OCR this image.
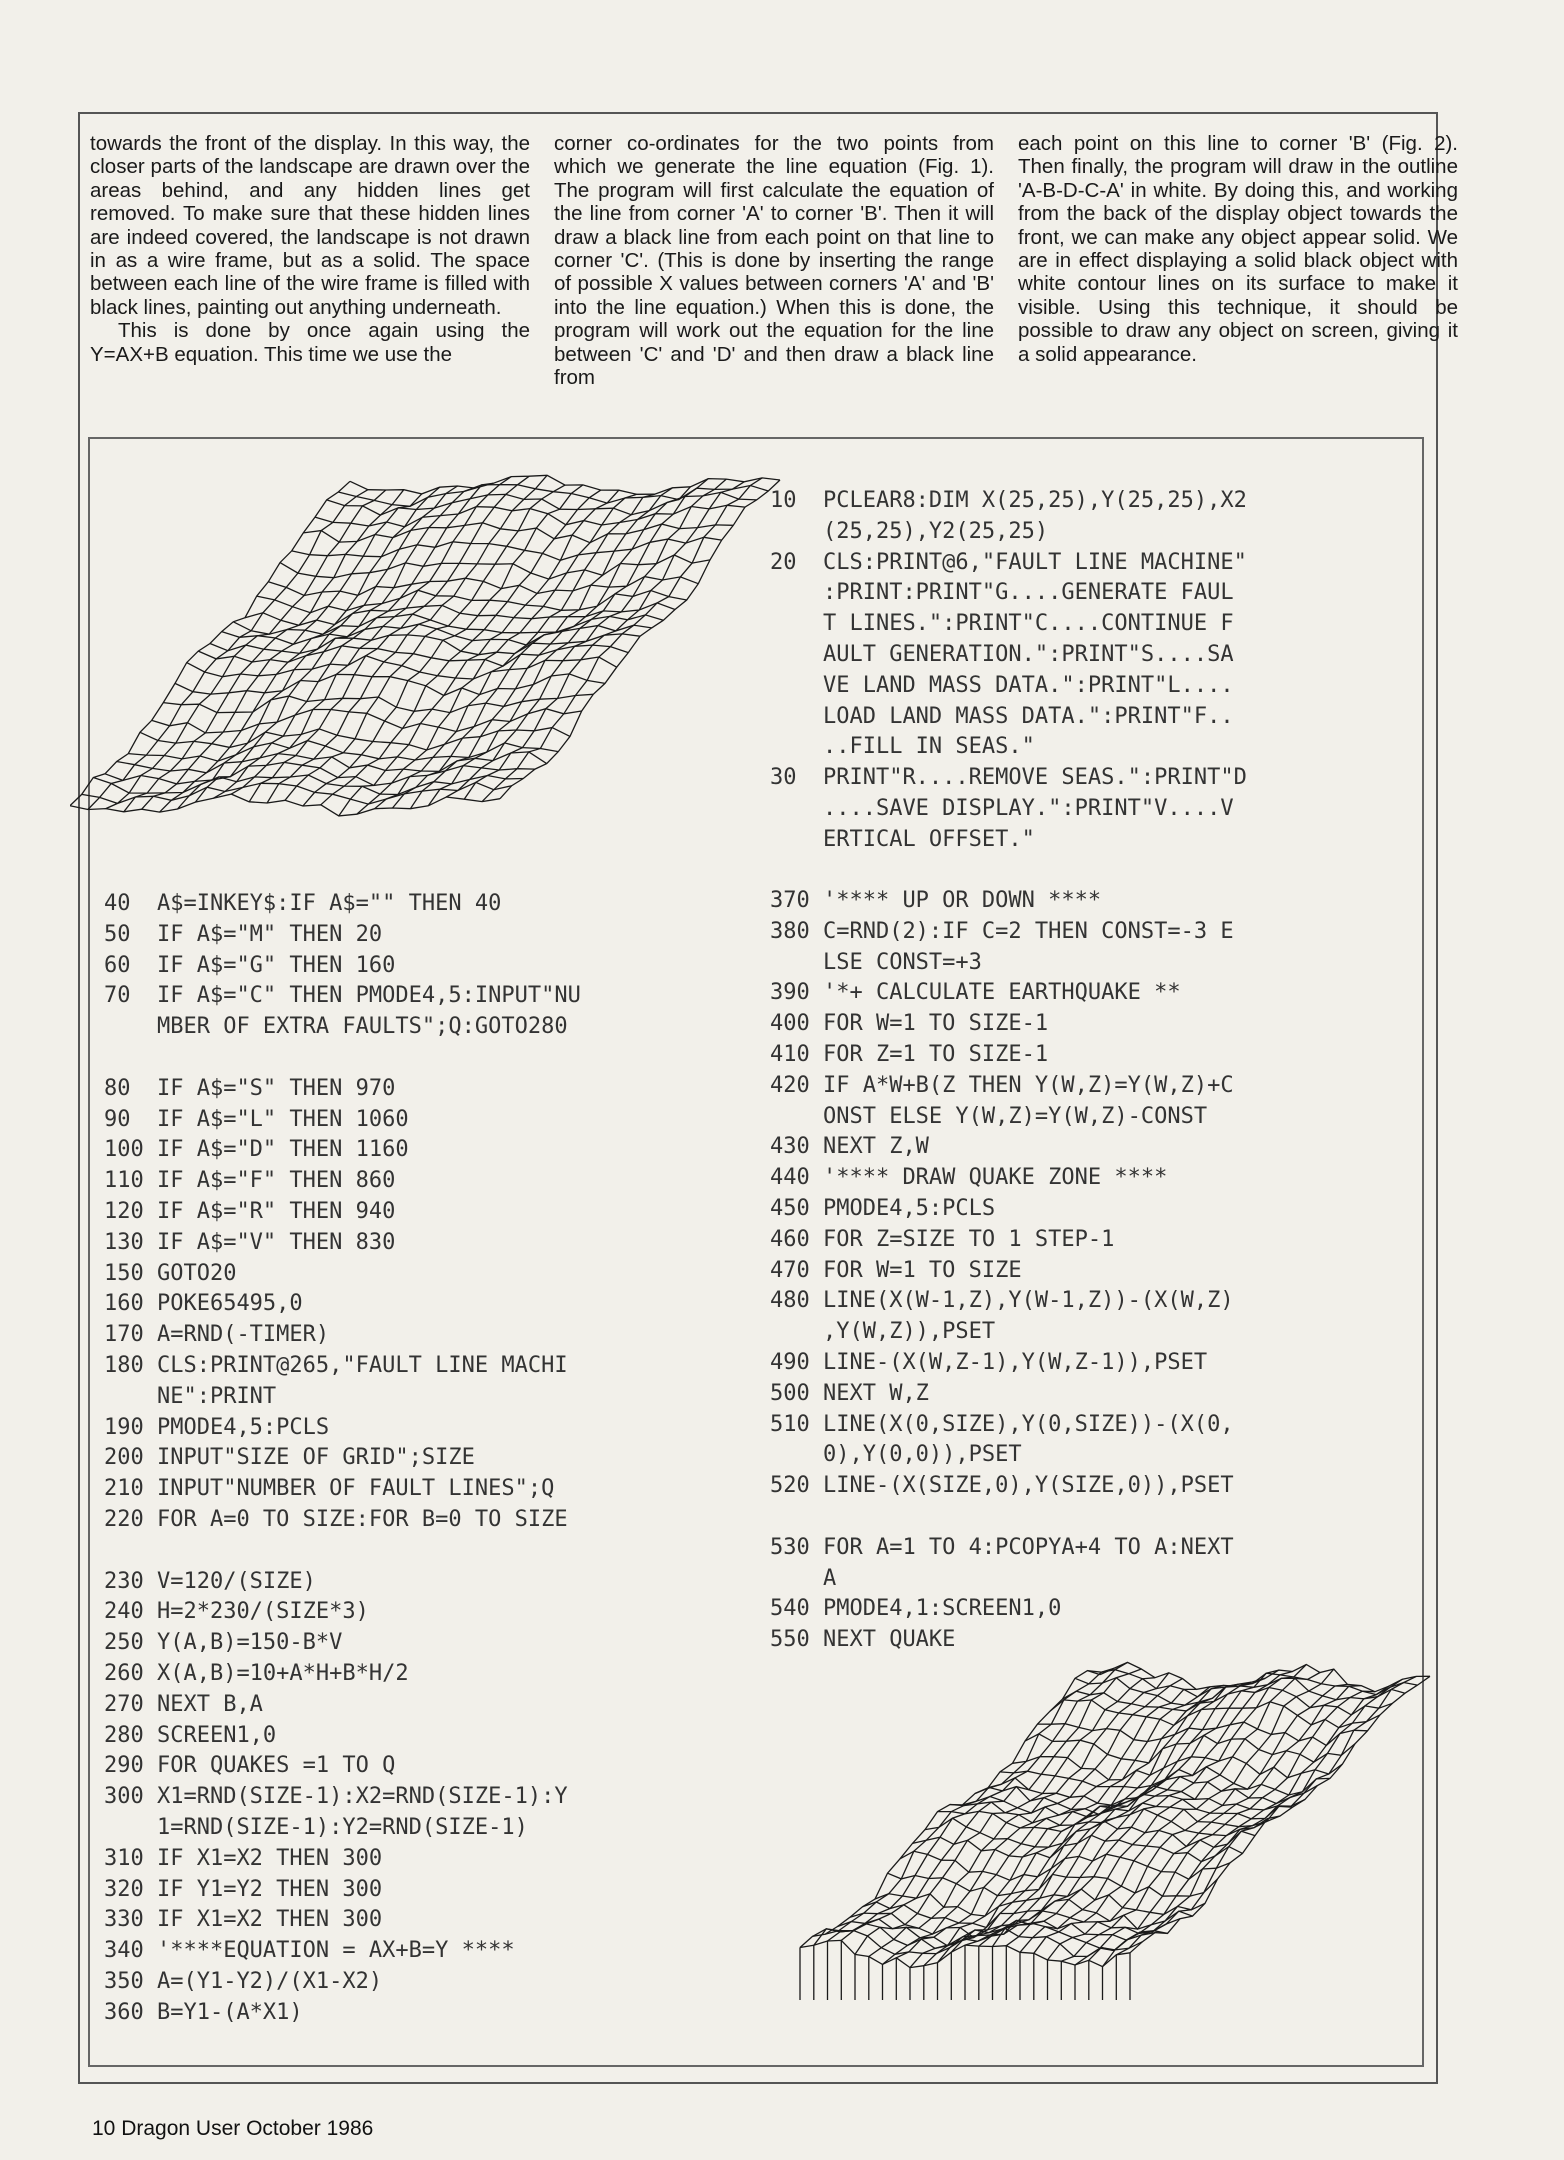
towards the front of the display. In this way, the closer parts of the landscape are drawn over the areas behind, and any hidden lines get removed. To make sure that these hidden lines are indeed covered, the landscape is not drawn in as a wire frame, but as a solid. The space between each line of the wire frame is filled with black lines, painting out anything underneath.

This is done by once again using the Y=AX+B equation. This time we use the

corner co-ordinates for the two points from which we generate the line equation (Fig. 1). The program will first calculate the equation of the line from corner 'A' to corner 'B'. Then it will draw a black line from each point on that line to corner 'C'. (This is done by inserting the range of possible X values between corners 'A' and 'B' into the line equation.) When this is done, the program will work out the equation for the line between 'C' and 'D' and then draw a black line from

each point on this line to corner 'B' (Fig. 2). Then finally, the program will draw in the outline 'A-B-D-C-A' in white. By doing this, and working from the back of the display object towards the front, we can make any object appear solid. We are in effect displaying a solid black object with white contour lines on its surface to make it visible. Using this technique, it should be possible to draw any object on screen, giving it a solid appearance.

10 PCLEAR8:DIM X(25,25),Y(25,25),X2
(25,25),Y2(25,25)
20 CLS:PRINT@6,"FAULT LINE MACHINE"
:PRINT:PRINT"G....GENERATE FAUL
T LINES.":PRINT"C....CONTINUE F
AULT GENERATION.":PRINT"S....SA
VE LAND MASS DATA.":PRINT"L....
LOAD LAND MASS DATA.":PRINT"F..
..FILL IN SEAS."
30 PRINT"R....REMOVE SEAS.":PRINT"D
....SAVE DISPLAY.":PRINT"V....V
ERTICAL OFFSET."
40 A$=INKEY$:IF A$="" THEN 40
50 IF A$="M" THEN 20
60 IF A$="G" THEN 160
70 IF A$="C" THEN PMODE4,5:INPUT"NU
MBER OF EXTRA FAULTS";Q:GOTO280
80 IF A$="S" THEN 970
90 IF A$="L" THEN 1060
100 IF A$="D" THEN 1160
110 IF A$="F" THEN 860
120 IF A$="R" THEN 940
130 IF A$="V" THEN 830
150 GOTO20
160 POKE65495,0
170 A=RND(-TIMER)
180 CLS:PRINT@265,"FAULT LINE MACHI
NE":PRINT
190 PMODE4,5:PCLS
200 INPUT"SIZE OF GRID";SIZE
210 INPUT"NUMBER OF FAULT LINES";Q
220 FOR A=0 TO SIZE:FOR B=0 TO SIZE
230 V=120/(SIZE)
240 H=2*230/(SIZE*3)
250 Y(A,B)=150-B*V
260 X(A,B)=10+A*H+B*H/2
270 NEXT B,A
280 SCREEN1,0
290 FOR QUAKES =1 TO Q
300 X1=RND(SIZE-1):X2=RND(SIZE-1):Y
1=RND(SIZE-1):Y2=RND(SIZE-1)
310 IF X1=X2 THEN 300
320 IF Y1=Y2 THEN 300
330 IF X1=X2 THEN 300
340 '****EQUATION = AX+B=Y ****
350 A=(Y1-Y2)/(X1-X2)
360 B=Y1-(A*X1)
370 '**** UP OR DOWN ****
380 C=RND(2):IF C=2 THEN CONST=-3 E
LSE CONST=+3
390 '*+ CALCULATE EARTHQUAKE **
400 FOR W=1 TO SIZE-1
410 FOR Z=1 TO SIZE-1
420 IF A*W+B(Z THEN Y(W,Z)=Y(W,Z)+C
ONST ELSE Y(W,Z)=Y(W,Z)-CONST
430 NEXT Z,W
440 '**** DRAW QUAKE ZONE ****
450 PMODE4,5:PCLS
460 FOR Z=SIZE TO 1 STEP-1
470 FOR W=1 TO SIZE
480 LINE(X(W-1,Z),Y(W-1,Z))-(X(W,Z)
,Y(W,Z)),PSET
490 LINE-(X(W,Z-1),Y(W,Z-1)),PSET
500 NEXT W,Z
510 LINE(X(0,SIZE),Y(0,SIZE))-(X(0,
0),Y(0,0)),PSET
520 LINE-(X(SIZE,0),Y(SIZE,0)),PSET
530 FOR A=1 TO 4:PCOPYA+4 TO A:NEXT
A
540 PMODE4,1:SCREEN1,0
550 NEXT QUAKE
10 Dragon User October 1986
